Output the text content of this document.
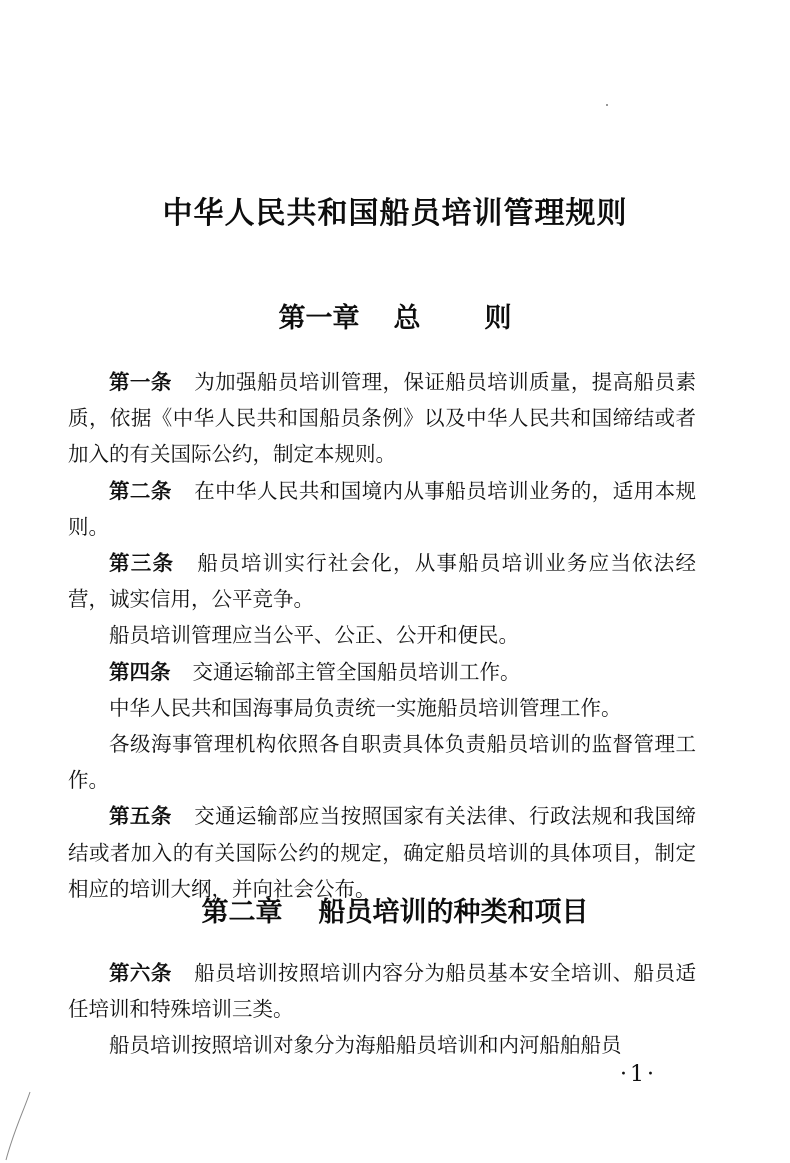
中华人民共和国船员培训管理规则
第一章 总 则

第一条 为加强船员培训管理，保证船员培训质量，提高船员素质，依据《中华人民共和国船员条例》以及中华人民共和国缔结或者加入的有关国际公约，制定本规则。

第二条 在中华人民共和国境内从事船员培训业务的，适用本规则。

第三条 船员培训实行社会化，从事船员培训业务应当依法经营，诚实信用，公平竞争。

船员培训管理应当公平、公正、公开和便民。

第四条 交通运输部主管全国船员培训工作。

中华人民共和国海事局负责统一实施船员培训管理工作。

各级海事管理机构依照各自职责具体负责船员培训的监督管理工作。

第五条 交通运输部应当按照国家有关法律、行政法规和我国缔结或者加入的有关国际公约的规定，确定船员培训的具体项目，制定相应的培训大纲，并向社会公布。

第二章 船员培训的种类和项目

第六条 船员培训按照培训内容分为船员基本安全培训、船员适任培训和特殊培训三类。

船员培训按照培训对象分为海船船员培训和内河船舶船员

·1·
